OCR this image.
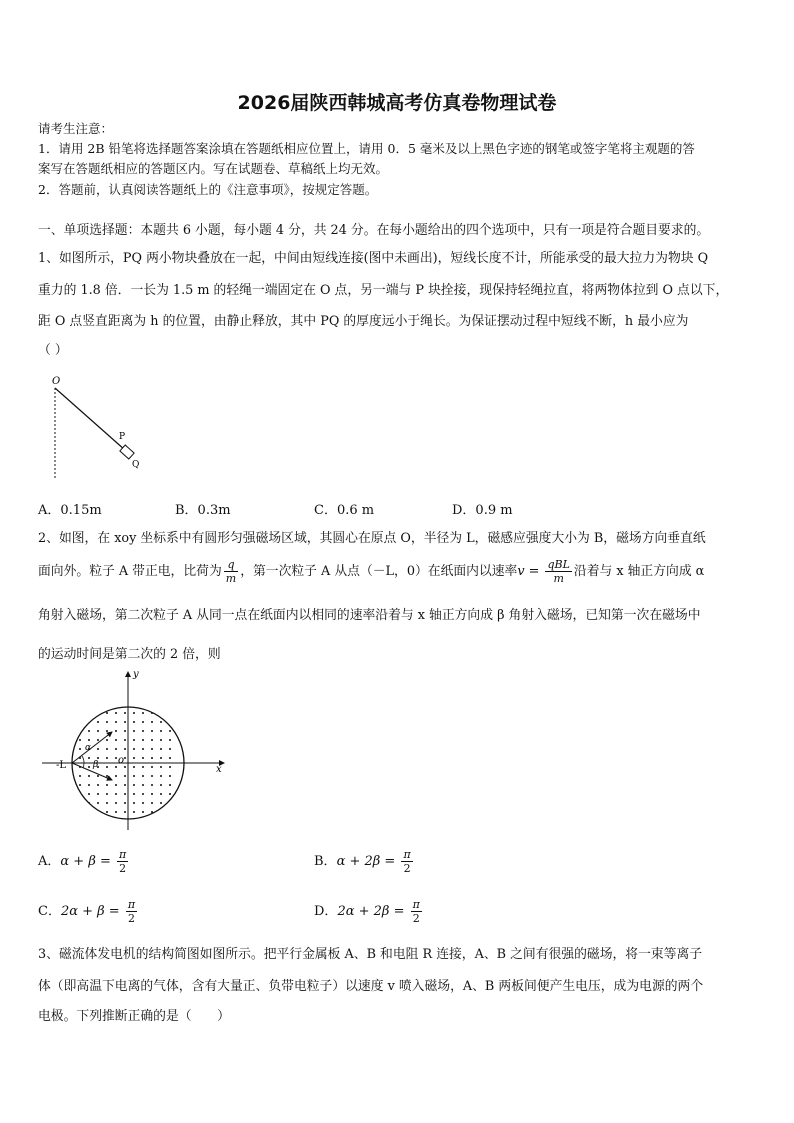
2026届陕西韩城高考仿真卷物理试卷
请考生注意：
1．请用 2B 铅笔将选择题答案涂填在答题纸相应位置上，请用 0．5 毫米及以上黑色字迹的钢笔或签字笔将主观题的答
案写在答题纸相应的答题区内。写在试题卷、草稿纸上均无效。
2．答题前，认真阅读答题纸上的《注意事项》，按规定答题。
一、单项选择题：本题共 6 小题，每小题 4 分，共 24 分。在每小题给出的四个选项中，只有一项是符合题目要求的。
1、如图所示，PQ 两小物块叠放在一起，中间由短线连接(图中未画出)，短线长度不计，所能承受的最大拉力为物块 Q
重力的 1.8 倍．一长为 1.5 m 的轻绳一端固定在 O 点，另一端与 P 块拴接，现保持轻绳拉直，将两物体拉到 O 点以下，
距 O 点竖直距离为 h 的位置，由静止释放，其中 PQ 的厚度远小于绳长。为保证摆动过程中短线不断，h 最小应为
（ ）
O
P
Q
A．0.15m	B．0.3m	C．0.6 m	D．0.9 m
2、如图，在 xoy 坐标系中有圆形匀强磁场区域，其圆心在原点 O，半径为 L，磁感应强度大小为 B，磁场方向垂直纸
面向外。粒子 A 带正电，比荷为 $\frac{q}{m}$ ，第一次粒子 A 从点（－L，0）在纸面内以速率$v = \frac{\text{qBL}}{m}$ 沿着与 x 轴正方向成 α
角射入磁场，第二次粒子 A 从同一点在纸面内以相同的速率沿着与 x 轴正方向成 β 角射入磁场，已知第一次在磁场中
的运动时间是第二次的 2 倍，则
y
x
o
-L
α
β
A．$\alpha + \beta = \frac{\pi}{2}$	B．$\alpha + 2\beta = \frac{\pi}{2}$
C．$2\alpha + \beta = \frac{\pi}{2}$	D．$2\alpha + 2\beta = \frac{\pi}{2}$
3、磁流体发电机的结构简图如图所示。把平行金属板 A、B 和电阻 R 连接，A、B 之间有很强的磁场，将一束等离子
体（即高温下电离的气体，含有大量正、负带电粒子）以速度 v 喷入磁场，A、B 两板间便产生电压，成为电源的两个
电极。下列推断正确的是（　　）
